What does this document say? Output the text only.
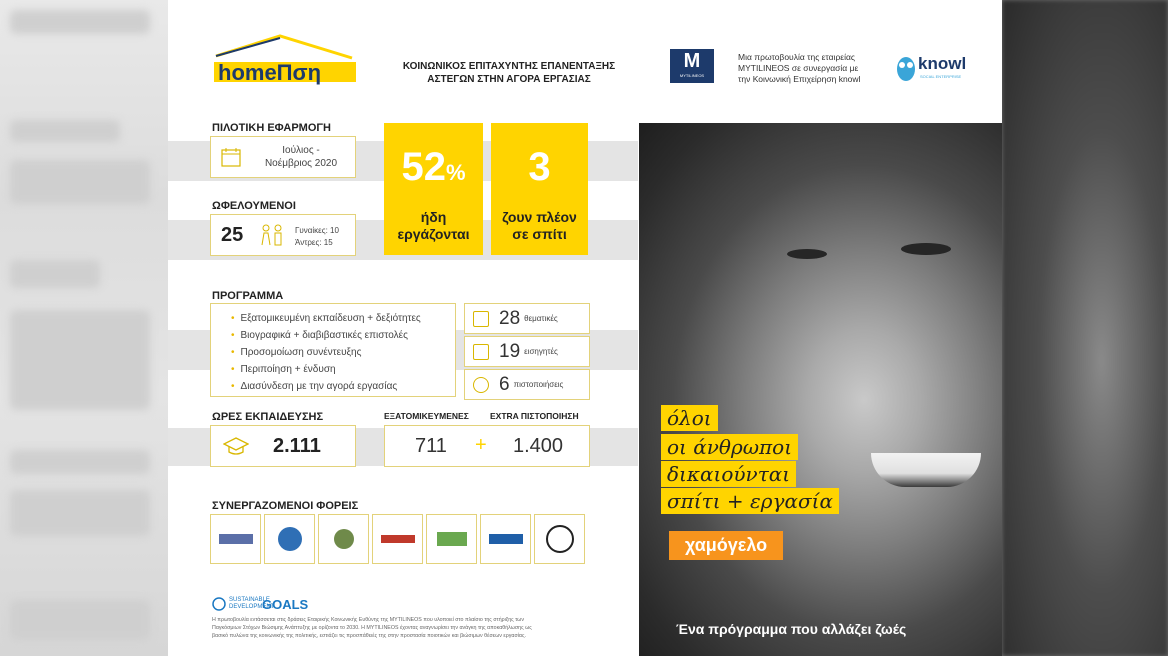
homeΠση	ΚΟΙΝΩΝΙΚΟΣ ΕΠΙΤΑΧΥΝΤΗΣ ΕΠΑΝΕΝΤΑΞΗΣ
ΑΣΤΕΓΩΝ ΣΤΗΝ ΑΓΟΡΑ ΕΡΓΑΣΙΑΣ
M
MYTILINEOS
Μια πρωτοβουλία της εταιρείας
MYTILINEOS σε συνεργασία με
την Κοινωνική Επιχείρηση knowl
knowl
SOCIAL ENTERPRISE
ΠΙΛΟΤΙΚΗ ΕΦΑΡΜΟΓΗ
Ιούλιος -
Νοέμβριος 2020
ΩΦΕΛΟΥΜΕΝΟΙ
25	Γυναίκες: 10
Άντρες: 15
52%
ήδη
εργάζονται
3
ζουν πλέον
σε σπίτι
ΠΡΟΓΡΑΜΜΑ
• Εξατομικευμένη εκπαίδευση + δεξιότητες
• Βιογραφικά + διαβιβαστικές επιστολές
• Προσομοίωση συνέντευξης
• Περιποίηση + ένδυση
• Διασύνδεση με την αγορά εργασίας
28 θεματικές
19 εισηγητές
6 πιστοποιήσεις
ΩΡΕΣ ΕΚΠΑΙΔΕΥΣΗΣ
2.111
ΕΞΑΤΟΜΙΚΕΥΜΕΝΕΣ EXTRA ΠΙΣΤΟΠΟΙΗΣΗ
711 + 1.400
ΣΥΝΕΡΓΑΖΟΜΕΝΟΙ ΦΟΡΕΙΣ
SUSTAINABLE DEVELOPMENT
GOALS
Η πρωτοβουλία εντάσσεται στις δράσεις Εταιρικής Κοινωνικής Ευθύνης της MYTILINEOS που υλοποιεί στο πλαίσιο της στήριξης των
Παγκόσμιων Στόχων Βιώσιμης Ανάπτυξης με ορίζοντα το 2030. Η MYTILINEOS έχοντας αναγνωρίσει την ανάγκη της αποκαθήλωσης ως
βασικό πυλώνα της κοινωνικής της πολιτικής, εστιάζει τις προσπάθειές της στην προστασία ποιοτικών και βιώσιμων θέσεων εργασίας.
όλοι
οι άνθρωποι
δικαιούνται
σπίτι + εργασία
χαμόγελο
Ένα πρόγραμμα που αλλάζει ζωές
